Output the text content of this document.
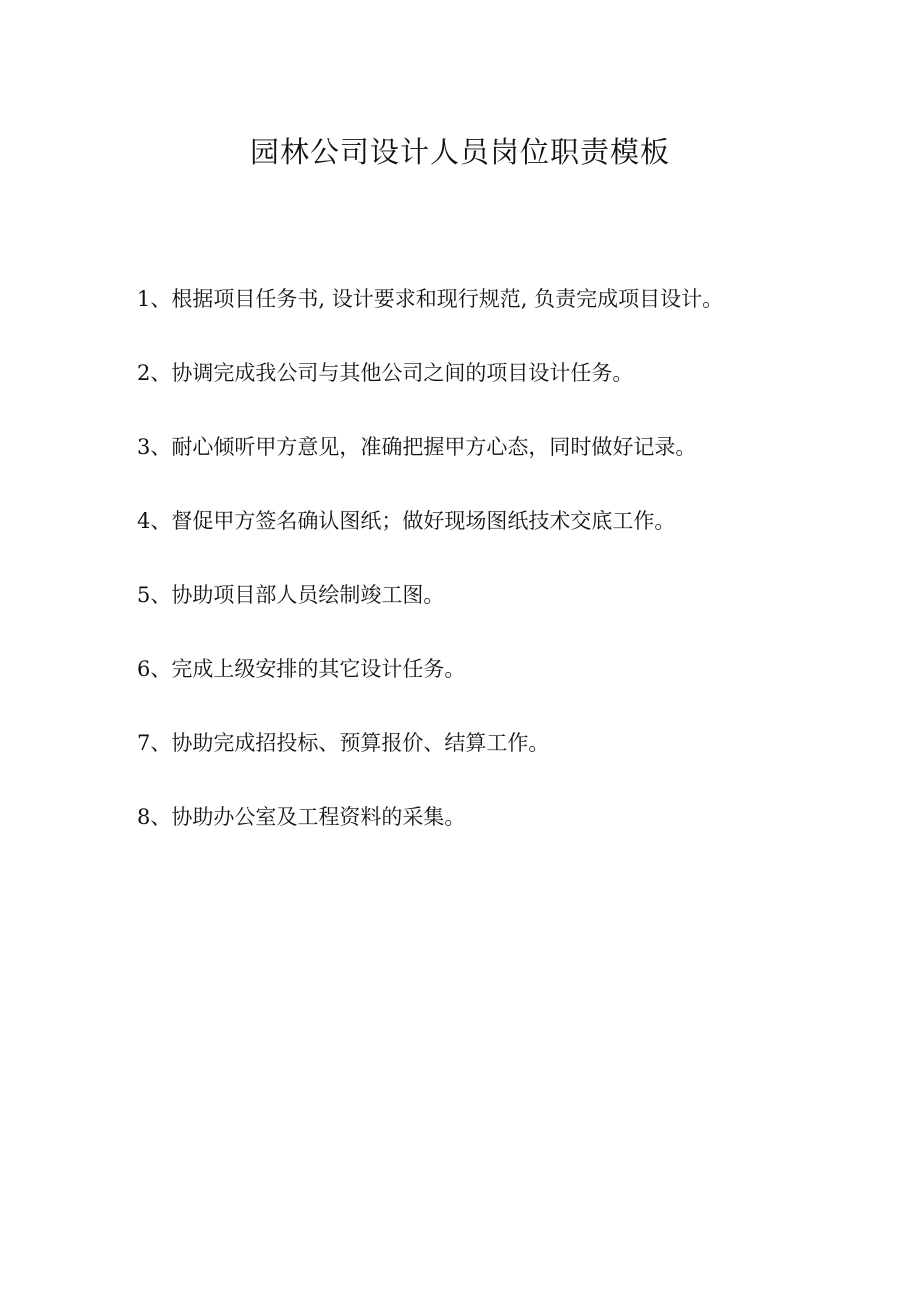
园林公司设计人员岗位职责模板
1、根据项目任务书, 设计要求和现行规范, 负责完成项目设计。
2、协调完成我公司与其他公司之间的项目设计任务。
3、耐心倾听甲方意见，准确把握甲方心态，同时做好记录。
4、督促甲方签名确认图纸；做好现场图纸技术交底工作。
5、协助项目部人员绘制竣工图。
6、完成上级安排的其它设计任务。
7、协助完成招投标、预算报价、结算工作。
8、协助办公室及工程资料的采集。
